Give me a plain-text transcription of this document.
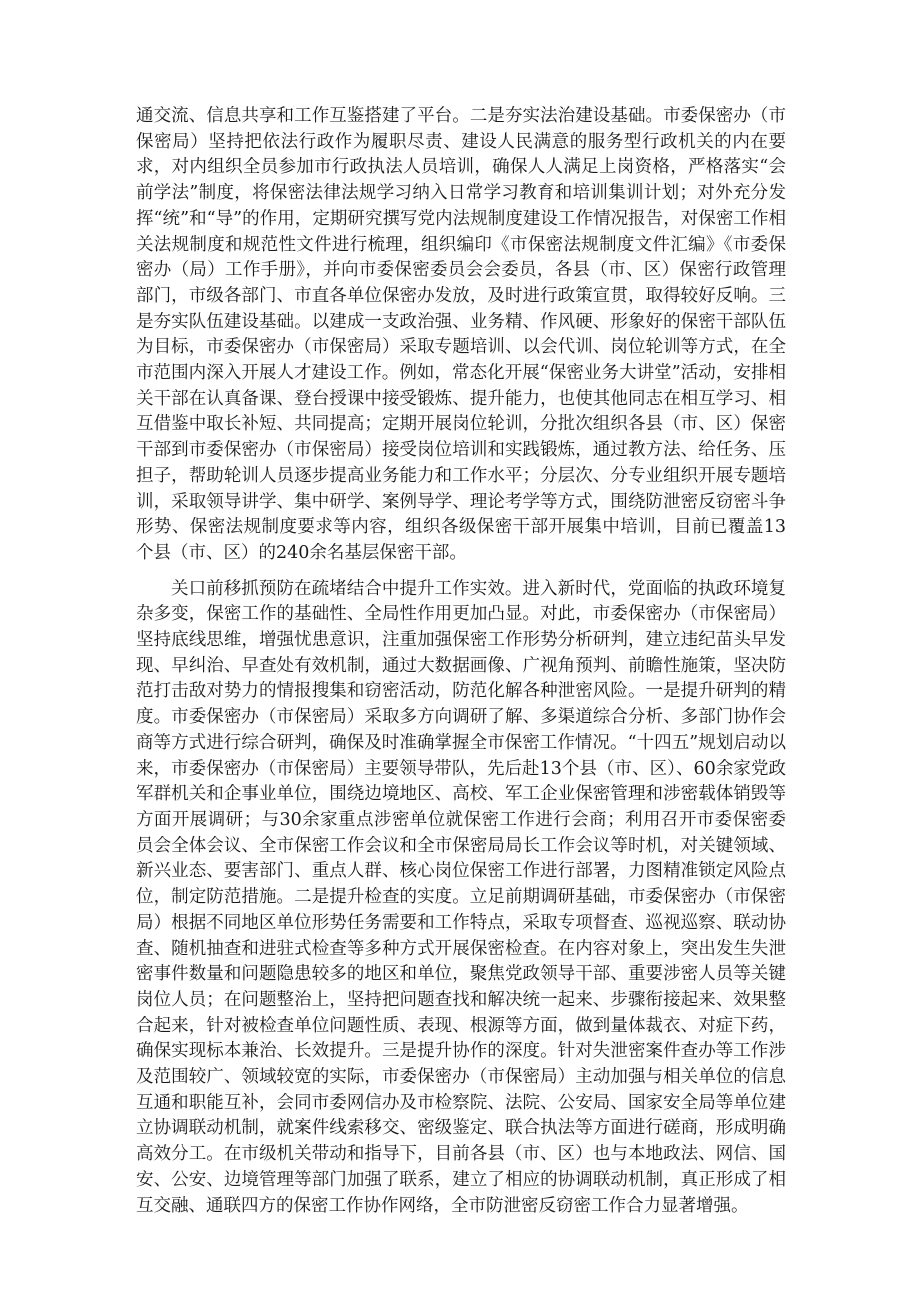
通交流、信息共享和工作互鉴搭建了平台。二是夯实法治建设基础。市委保密办（市保密局）坚持把依法行政作为履职尽责、建设人民满意的服务型行政机关的内在要求，对内组织全员参加市行政执法人员培训，确保人人满足上岗资格，严格落实“会前学法”制度，将保密法律法规学习纳入日常学习教育和培训集训计划；对外充分发挥“统”和“导”的作用，定期研究撰写党内法规制度建设工作情况报告，对保密工作相关法规制度和规范性文件进行梳理，组织编印《市保密法规制度文件汇编》《市委保密办（局）工作手册》，并向市委保密委员会会委员，各县（市、区）保密行政管理部门，市级各部门、市直各单位保密办发放，及时进行政策宣贯，取得较好反响。三是夯实队伍建设基础。以建成一支政治强、业务精、作风硬、形象好的保密干部队伍为目标，市委保密办（市保密局）采取专题培训、以会代训、岗位轮训等方式，在全市范围内深入开展人才建设工作。例如，常态化开展“保密业务大讲堂”活动，安排相关干部在认真备课、登台授课中接受锻炼、提升能力，也使其他同志在相互学习、相互借鉴中取长补短、共同提高；定期开展岗位轮训，分批次组织各县（市、区）保密干部到市委保密办（市保密局）接受岗位培训和实践锻炼，通过教方法、给任务、压担子，帮助轮训人员逐步提高业务能力和工作水平；分层次、分专业组织开展专题培训，采取领导讲学、集中研学、案例导学、理论考学等方式，围绕防泄密反窃密斗争形势、保密法规制度要求等内容，组织各级保密干部开展集中培训，目前已覆盖13个县（市、区）的240余名基层保密干部。

关口前移抓预防在疏堵结合中提升工作实效。进入新时代，党面临的执政环境复杂多变，保密工作的基础性、全局性作用更加凸显。对此，市委保密办（市保密局）坚持底线思维，增强忧患意识，注重加强保密工作形势分析研判，建立违纪苗头早发现、早纠治、早查处有效机制，通过大数据画像、广视角预判、前瞻性施策，坚决防范打击敌对势力的情报搜集和窃密活动，防范化解各种泄密风险。一是提升研判的精度。市委保密办（市保密局）采取多方向调研了解、多渠道综合分析、多部门协作会商等方式进行综合研判，确保及时准确掌握全市保密工作情况。“十四五”规划启动以来，市委保密办（市保密局）主要领导带队，先后赴13个县（市、区）、60余家党政军群机关和企事业单位，围绕边境地区、高校、军工企业保密管理和涉密载体销毁等方面开展调研；与30余家重点涉密单位就保密工作进行会商；利用召开市委保密委员会全体会议、全市保密工作会议和全市保密局局长工作会议等时机，对关键领域、新兴业态、要害部门、重点人群、核心岗位保密工作进行部署，力图精准锁定风险点位，制定防范措施。二是提升检查的实度。立足前期调研基础，市委保密办（市保密局）根据不同地区单位形势任务需要和工作特点，采取专项督查、巡视巡察、联动协查、随机抽查和进驻式检查等多种方式开展保密检查。在内容对象上，突出发生失泄密事件数量和问题隐患较多的地区和单位，聚焦党政领导干部、重要涉密人员等关键岗位人员；在问题整治上，坚持把问题查找和解决统一起来、步骤衔接起来、效果整合起来，针对被检查单位问题性质、表现、根源等方面，做到量体裁衣、对症下药，确保实现标本兼治、长效提升。三是提升协作的深度。针对失泄密案件查办等工作涉及范围较广、领域较宽的实际，市委保密办（市保密局）主动加强与相关单位的信息互通和职能互补，会同市委网信办及市检察院、法院、公安局、国家安全局等单位建立协调联动机制，就案件线索移交、密级鉴定、联合执法等方面进行磋商，形成明确高效分工。在市级机关带动和指导下，目前各县（市、区）也与本地政法、网信、国安、公安、边境管理等部门加强了联系，建立了相应的协调联动机制，真正形成了相互交融、通联四方的保密工作协作网络，全市防泄密反窃密工作合力显著增强。
